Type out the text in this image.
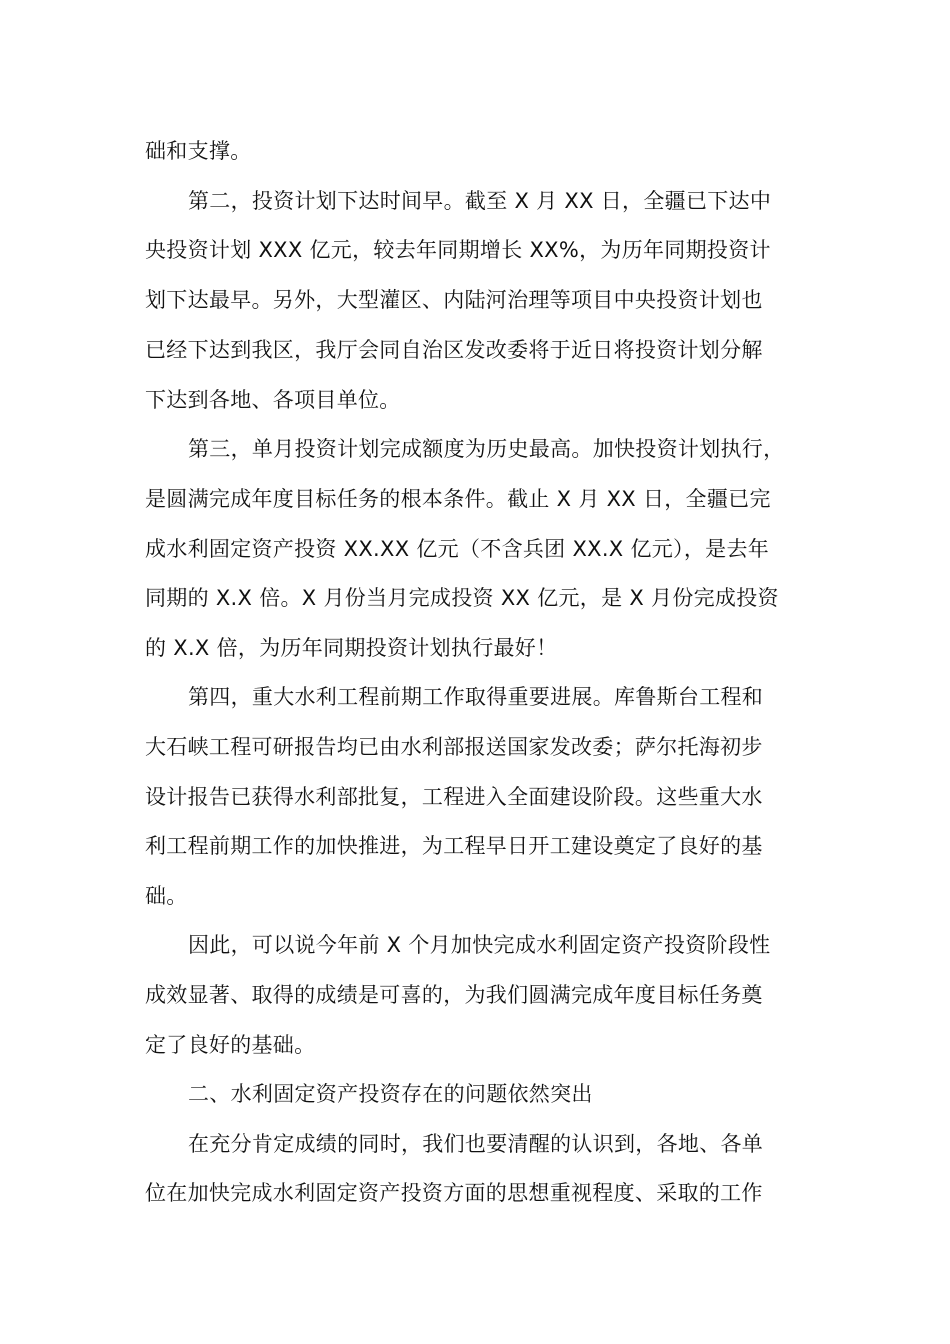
础和支撑。
第二，投资计划下达时间早。截至 X 月 XX 日，全疆已下达中
央投资计划 XXX 亿元，较去年同期增长 XX%，为历年同期投资计
划下达最早。另外，大型灌区、内陆河治理等项目中央投资计划也
已经下达到我区，我厅会同自治区发改委将于近日将投资计划分解
下达到各地、各项目单位。
第三，单月投资计划完成额度为历史最高。加快投资计划执行，
是圆满完成年度目标任务的根本条件。截止 X 月 XX 日，全疆已完
成水利固定资产投资 XX.XX 亿元（不含兵团 XX.X 亿元），是去年
同期的 X.X 倍。X 月份当月完成投资 XX 亿元，是 X 月份完成投资
的 X.X 倍，为历年同期投资计划执行最好！
第四，重大水利工程前期工作取得重要进展。库鲁斯台工程和
大石峡工程可研报告均已由水利部报送国家发改委；萨尔托海初步
设计报告已获得水利部批复，工程进入全面建设阶段。这些重大水
利工程前期工作的加快推进，为工程早日开工建设奠定了良好的基
础。
因此，可以说今年前 X 个月加快完成水利固定资产投资阶段性
成效显著、取得的成绩是可喜的，为我们圆满完成年度目标任务奠
定了良好的基础。
二、水利固定资产投资存在的问题依然突出
在充分肯定成绩的同时，我们也要清醒的认识到，各地、各单
位在加快完成水利固定资产投资方面的思想重视程度、采取的工作
